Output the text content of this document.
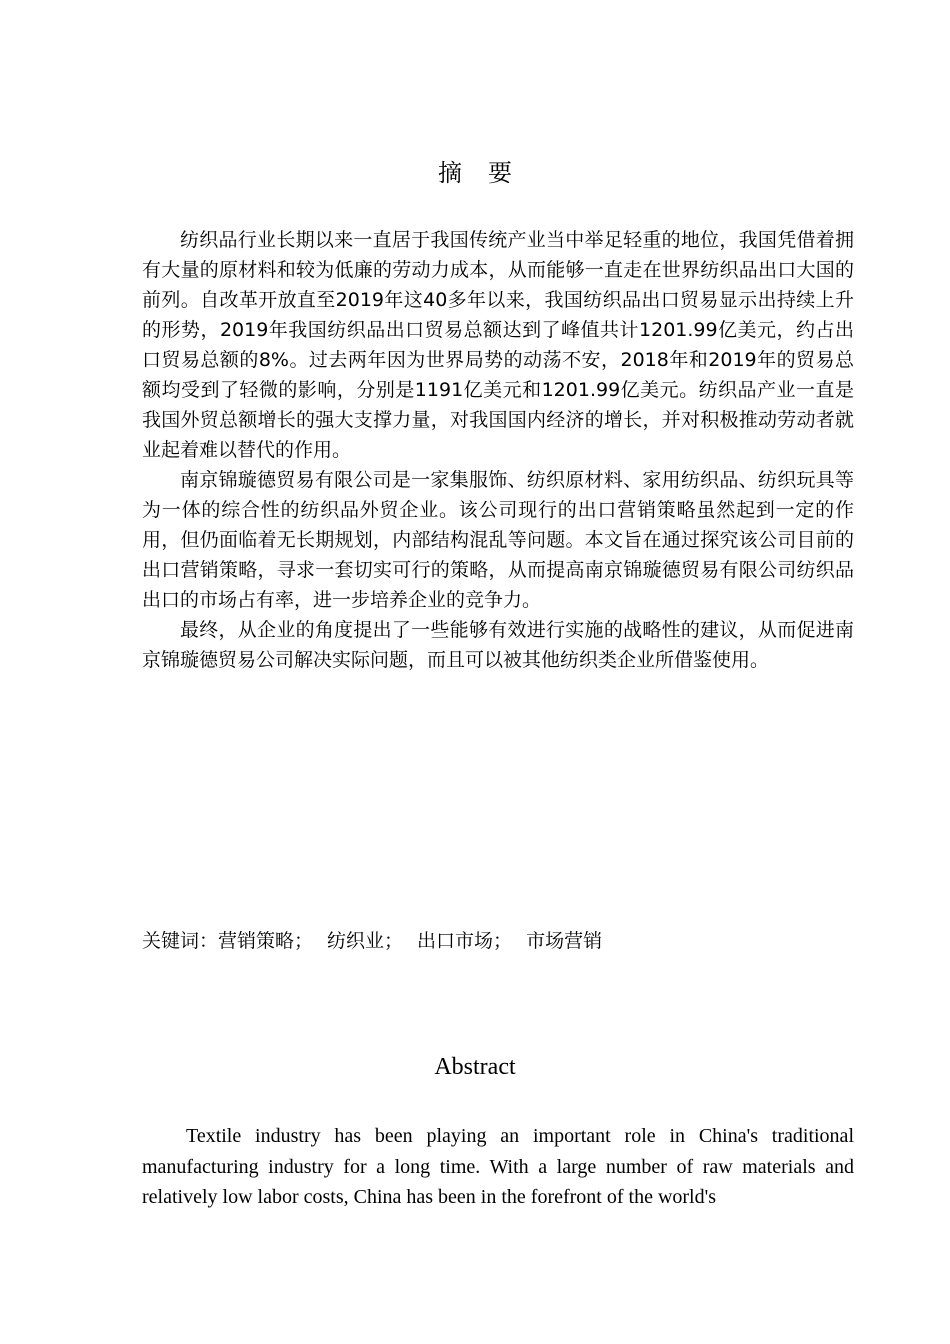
摘 要

纺织品行业长期以来一直居于我国传统产业当中举足轻重的地位，我国凭借着拥有大量的原材料和较为低廉的劳动力成本，从而能够一直走在世界纺织品出口大国的前列。自改革开放直至2019年这40多年以来，我国纺织品出口贸易显示出持续上升的形势，2019年我国纺织品出口贸易总额达到了峰值共计1201.99亿美元，约占出口贸易总额的8%。过去两年因为世界局势的动荡不安，2018年和2019年的贸易总额均受到了轻微的影响，分别是1191亿美元和1201.99亿美元。纺织品产业一直是我国外贸总额增长的强大支撑力量，对我国国内经济的增长，并对积极推动劳动者就业起着难以替代的作用。

南京锦璇德贸易有限公司是一家集服饰、纺织原材料、家用纺织品、纺织玩具等为一体的综合性的纺织品外贸企业。该公司现行的出口营销策略虽然起到一定的作用，但仍面临着无长期规划，内部结构混乱等问题。本文旨在通过探究该公司目前的出口营销策略，寻求一套切实可行的策略，从而提高南京锦璇德贸易有限公司纺织品出口的市场占有率，进一步培养企业的竞争力。

最终，从企业的角度提出了一些能够有效进行实施的战略性的建议，从而促进南京锦璇德贸易公司解决实际问题，而且可以被其他纺织类企业所借鉴使用。

关键词：营销策略； 纺织业； 出口市场； 市场营销
Abstract

Textile industry has been playing an important role in China's traditional manufacturing industry for a long time. With a large number of raw materials and relatively low labor costs, China has been in the forefront of the world's
